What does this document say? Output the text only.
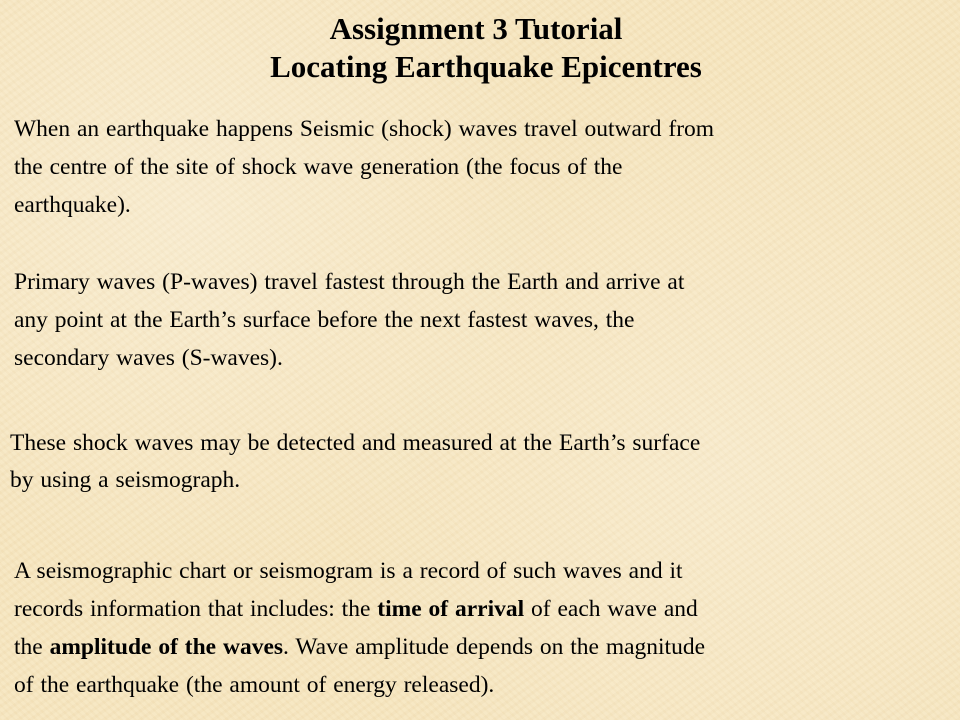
Assignment 3 Tutorial
Locating Earthquake Epicentres
When an earthquake happens Seismic (shock) waves travel outward from
the centre of the site of shock wave generation (the focus of the
earthquake).
Primary waves (P-waves) travel fastest through the Earth and arrive at
any point at the Earth’s surface before the next fastest waves, the
secondary waves (S-waves).
These shock waves may be detected and measured at the Earth’s surface
by using a seismograph.
A seismographic chart or seismogram is a record of such waves and it
records information that includes: the time of arrival of each wave and
the amplitude of the waves. Wave amplitude depends on the magnitude
of the earthquake (the amount of energy released).
